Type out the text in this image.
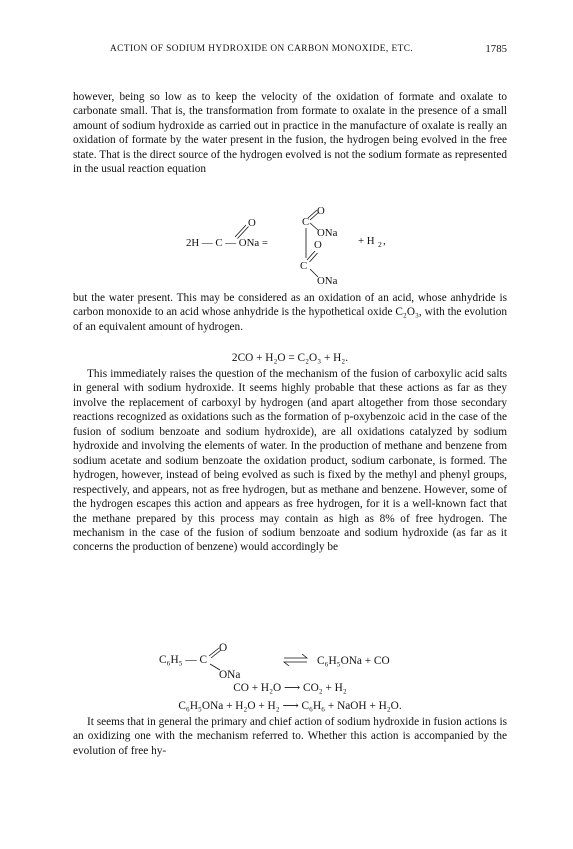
ACTION OF SODIUM HYDROXIDE ON CARBON MONOXIDE, ETC.	1785

however, being so low as to keep the velocity of the oxidation of formate and oxalate to carbonate small. That is, the transformation from formate to oxalate in the presence of a small amount of sodium hydroxide as carried out in practice in the manufacture of oxalate is really an oxidation of formate by the water present in the fusion, the hydrogen being evolved in the free state. That is the direct source of the hydrogen evolved is not the sodium formate as represented in the usual reaction equation

2H — C — ONa =
O	C
O
ONa
O
C
ONa
+ H 2 ,

but the water present. This may be considered as an oxidation of an acid, whose anhydride is carbon monoxide to an acid whose anhydride is the hypothetical oxide C₂O₃, with the evolution of an equivalent amount of hydrogen.

2CO + H₂O = C₂O₃ + H₂.

This immediately raises the question of the mechanism of the fusion of carboxylic acid salts in general with sodium hydroxide. It seems highly probable that these actions as far as they involve the replacement of carboxyl by hydrogen (and apart altogether from those secondary reactions recognized as oxidations such as the formation of p-oxybenzoic acid in the case of the fusion of sodium benzoate and sodium hydroxide), are all oxidations catalyzed by sodium hydroxide and involving the elements of water. In the production of methane and benzene from sodium acetate and sodium benzoate the oxidation product, sodium carbonate, is formed. The hydrogen, however, instead of being evolved as such is fixed by the methyl and phenyl groups, respectively, and appears, not as free hydrogen, but as methane and benzene. However, some of the hydrogen escapes this action and appears as free hydrogen, for it is a well-known fact that the methane prepared by this process may contain as high as 8% of free hydrogen. The mechanism in the case of the fusion of sodium benzoate and sodium hydroxide (as far as it concerns the production of benzene) would accordingly be

C₆H₅ — C
O
ONa
C₆H₅ONa + CO

CO + H₂O ⟶ CO₂ + H₂

C₆H₅ONa + H₂O + H₂ ⟶ C₆H₆ + NaOH + H₂O.

It seems that in general the primary and chief action of sodium hydroxide in fusion actions is an oxidizing one with the mechanism referred to. Whether this action is accompanied by the evolution of free hy-
